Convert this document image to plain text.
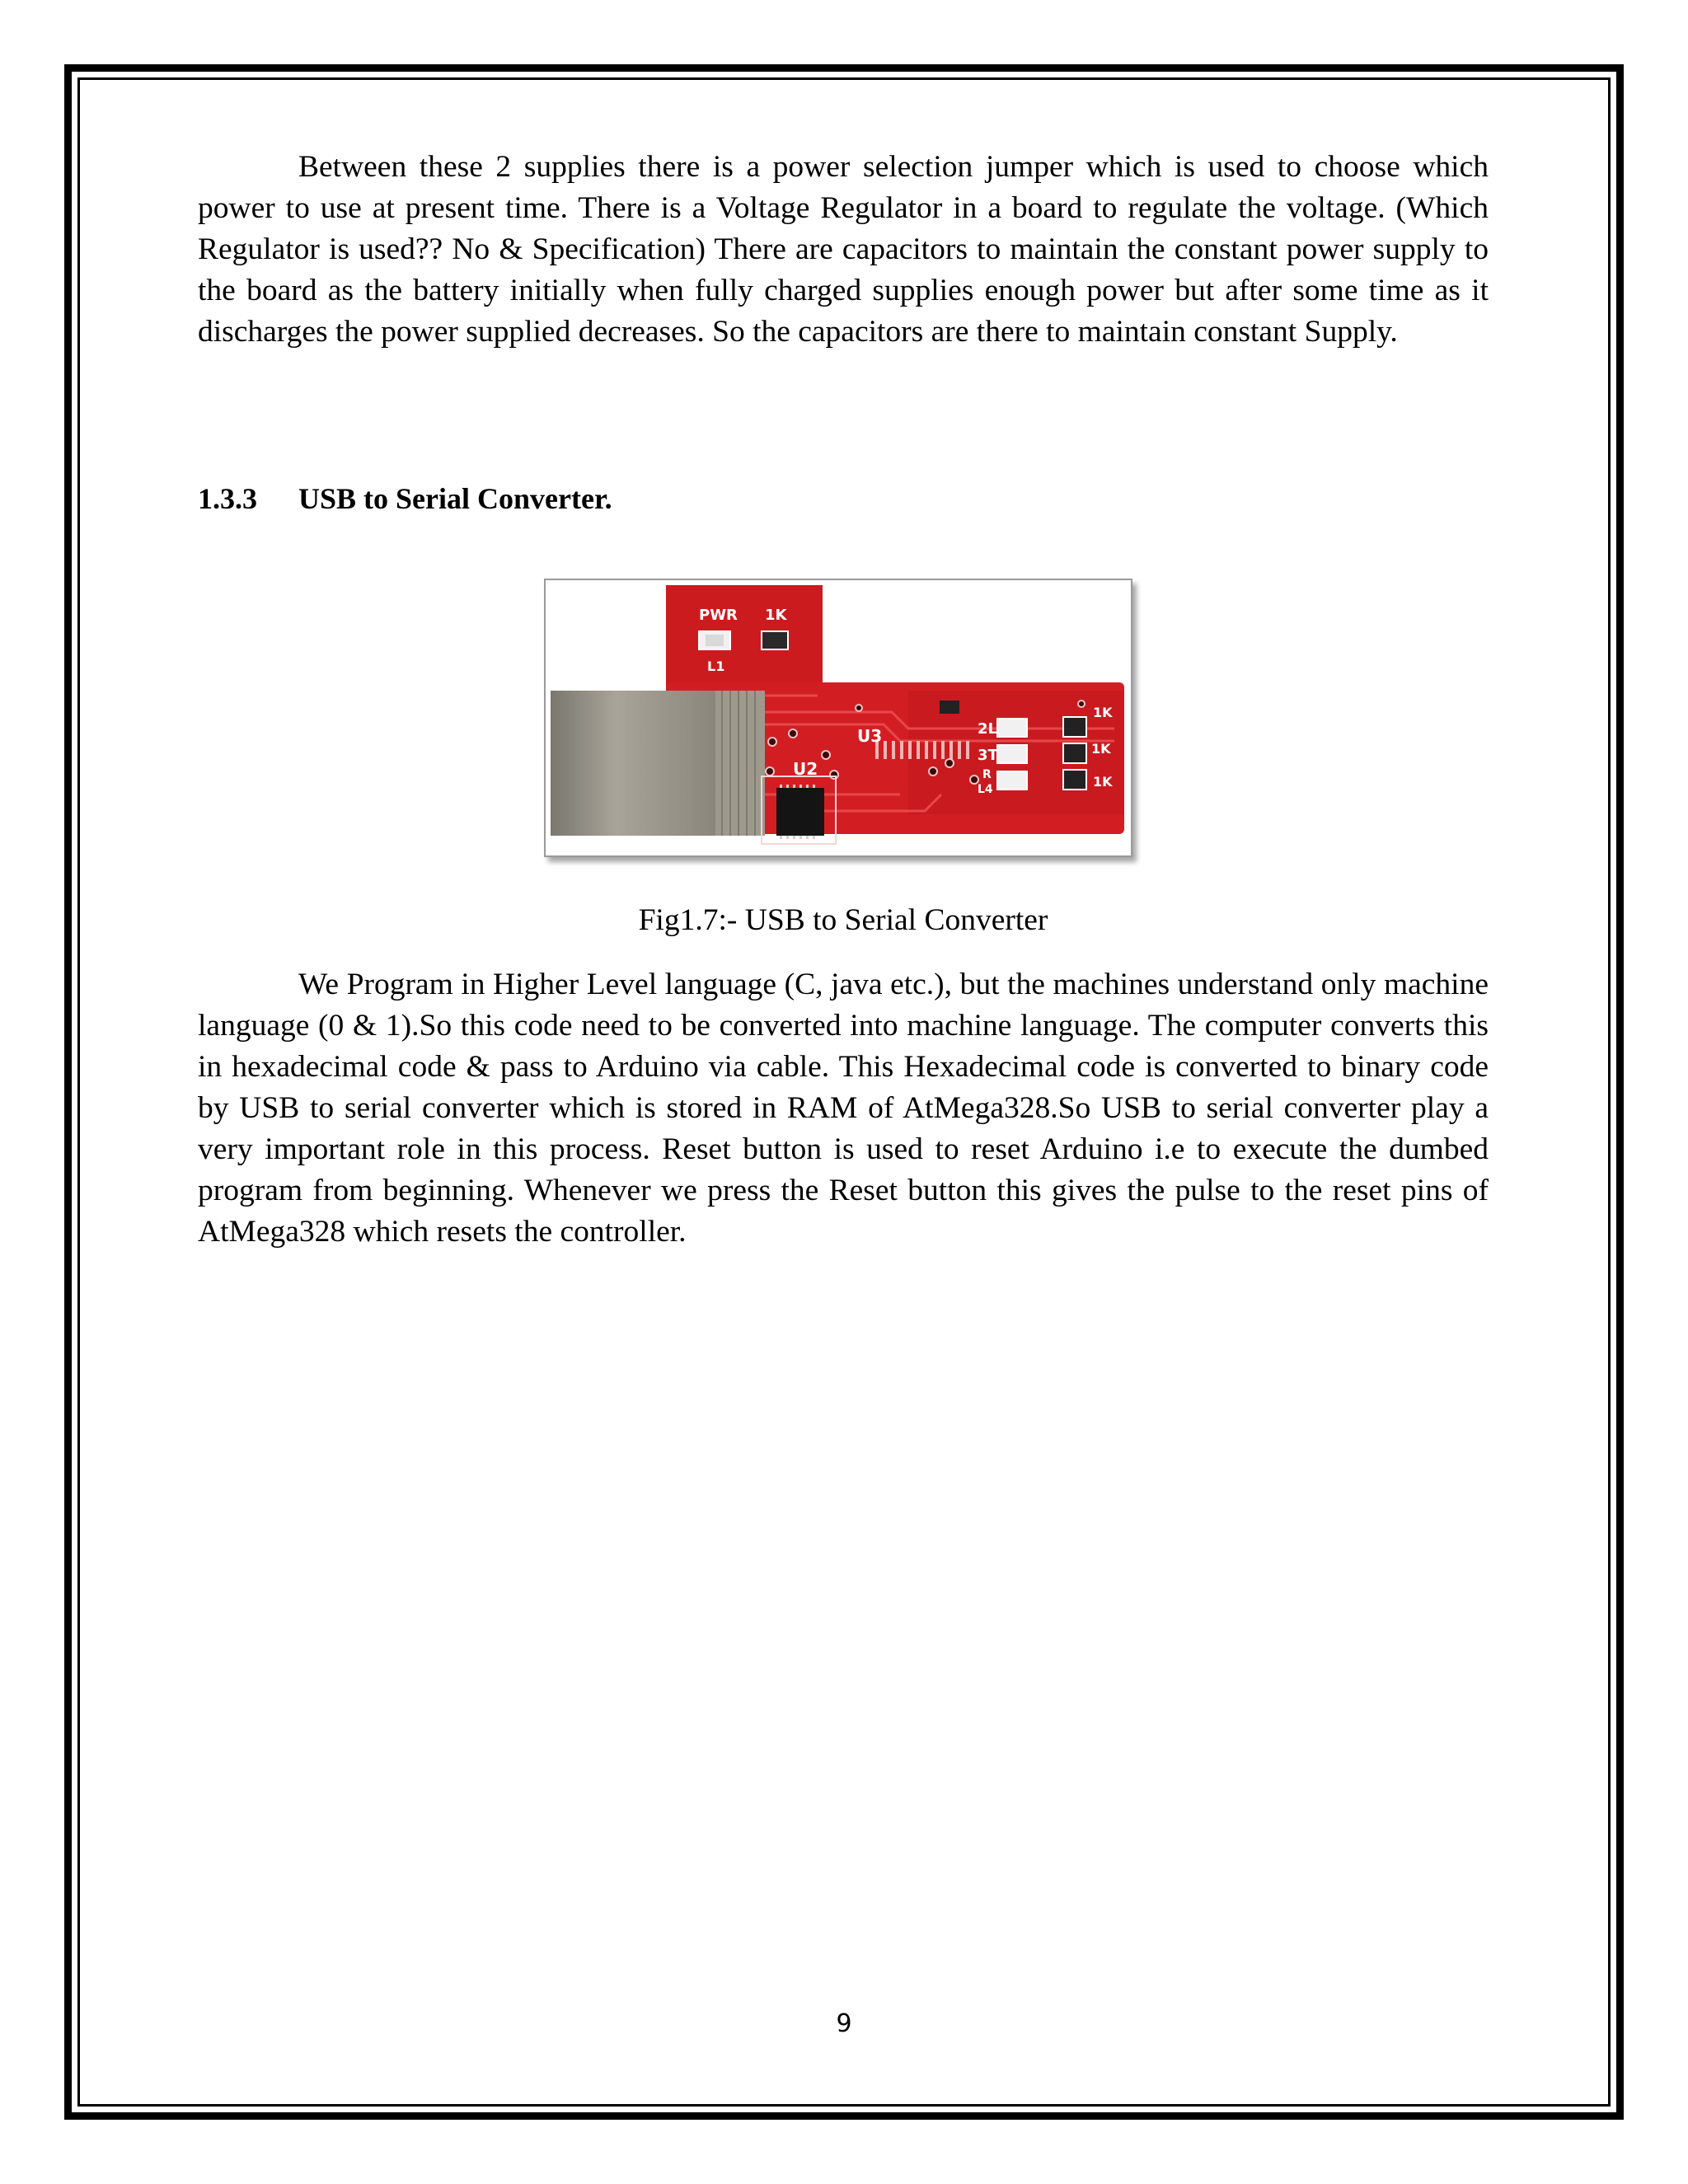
Between these 2 supplies there is a power selection jumper which is used to choose which power to use at present time. There is a Voltage Regulator in a board to regulate the voltage. (Which Regulator is used?? No & Specification) There are capacitors to maintain the constant power supply to the board as the battery initially when fully charged supplies enough power but after some time as it discharges the power supplied decreases. So the capacitors are there to maintain constant Supply.

1.3.3 USB to Serial Converter.
PWR 1K
L1
U2
U3	2L
3T
R
L4
1K
1K
1K
Fig1.7:- USB to Serial Converter

We Program in Higher Level language (C, java etc.), but the machines understand only machine language (0 & 1).So this code need to be converted into machine language. The computer converts this in hexadecimal code & pass to Arduino via cable. This Hexadecimal code is converted to binary code by USB to serial converter which is stored in RAM of AtMega328.So USB to serial converter play a very important role in this process. Reset button is used to reset Arduino i.e to execute the dumbed program from beginning. Whenever we press the Reset button this gives the pulse to the reset pins of AtMega328 which resets the controller.

9
